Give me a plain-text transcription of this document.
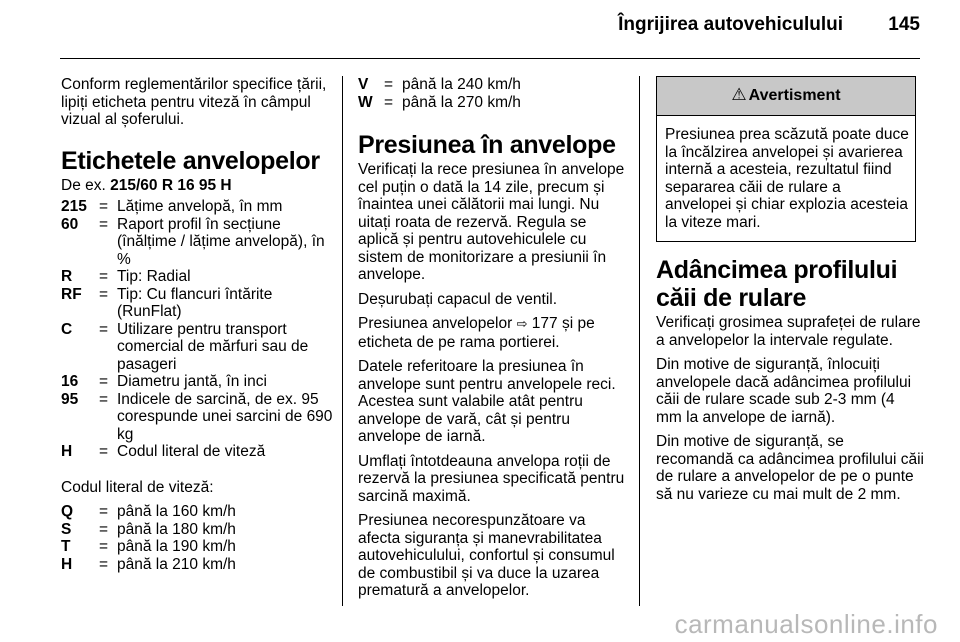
Îngrijirea autovehiculului 145

Conform reglementărilor specifice țării, lipiți eticheta pentru viteză în câmpul vizual al șoferului.

Etichetele anvelopelor

De ex. 215/60 R 16 95 H

215	=	Lățime anvelopă, în mm
60	=	Raport profil în secțiune (înălțime / lățime anvelopă), în %
R	=	Tip: Radial
RF	=	Tip: Cu flancuri întărite (RunFlat)
C	=	Utilizare pentru transport comercial de mărfuri sau de pasageri
16	=	Diametru jantă, în inci
95	=	Indicele de sarcină, de ex. 95 corespunde unei sarcini de 690 kg
H	=	Codul literal de viteză

Codul literal de viteză:

Q	=	până la 160 km/h
S	=	până la 180 km/h
T	=	până la 190 km/h
H	=	până la 210 km/h
V	=	până la 240 km/h
W	=	până la 270 km/h
Presiunea în anvelope

Verificați la rece presiunea în anvelope cel puțin o dată la 14 zile, precum și înaintea unei călătorii mai lungi. Nu uitați roata de rezervă. Regula se aplică și pentru autovehiculele cu sistem de monitorizare a presiunii în anvelope.

Deșurubați capacul de ventil.

Presiunea anvelopelor ⇨ 177 și pe eticheta de pe rama portierei.

Datele referitoare la presiunea în anvelope sunt pentru anvelopele reci. Acestea sunt valabile atât pentru anvelope de vară, cât și pentru anvelope de iarnă.

Umflați întotdeauna anvelopa roții de rezervă la presiunea specificată pentru sarcină maximă.

Presiunea necorespunzătoare va afecta siguranța și manevrabilitatea autovehiculului, confortul și consumul de combustibil și va duce la uzarea prematură a anvelopelor.

⚠ Avertisment
Presiunea prea scăzută poate duce la încălzirea anvelopei și avarierea internă a acesteia, rezultatul fiind separarea căii de rulare a anvelopei și chiar explozia acesteia la viteze mari.
Adâncimea profilului căii de rulare

Verificați grosimea suprafeței de rulare a anvelopelor la intervale regulate.

Din motive de siguranță, înlocuiți anvelopele dacă adâncimea profilului căii de rulare scade sub 2-3 mm (4 mm la anvelope de iarnă).

Din motive de siguranță, se recomandă ca adâncimea profilului căii de rulare a anvelopelor de pe o punte să nu varieze cu mai mult de 2 mm.

carmanualsonline.info
